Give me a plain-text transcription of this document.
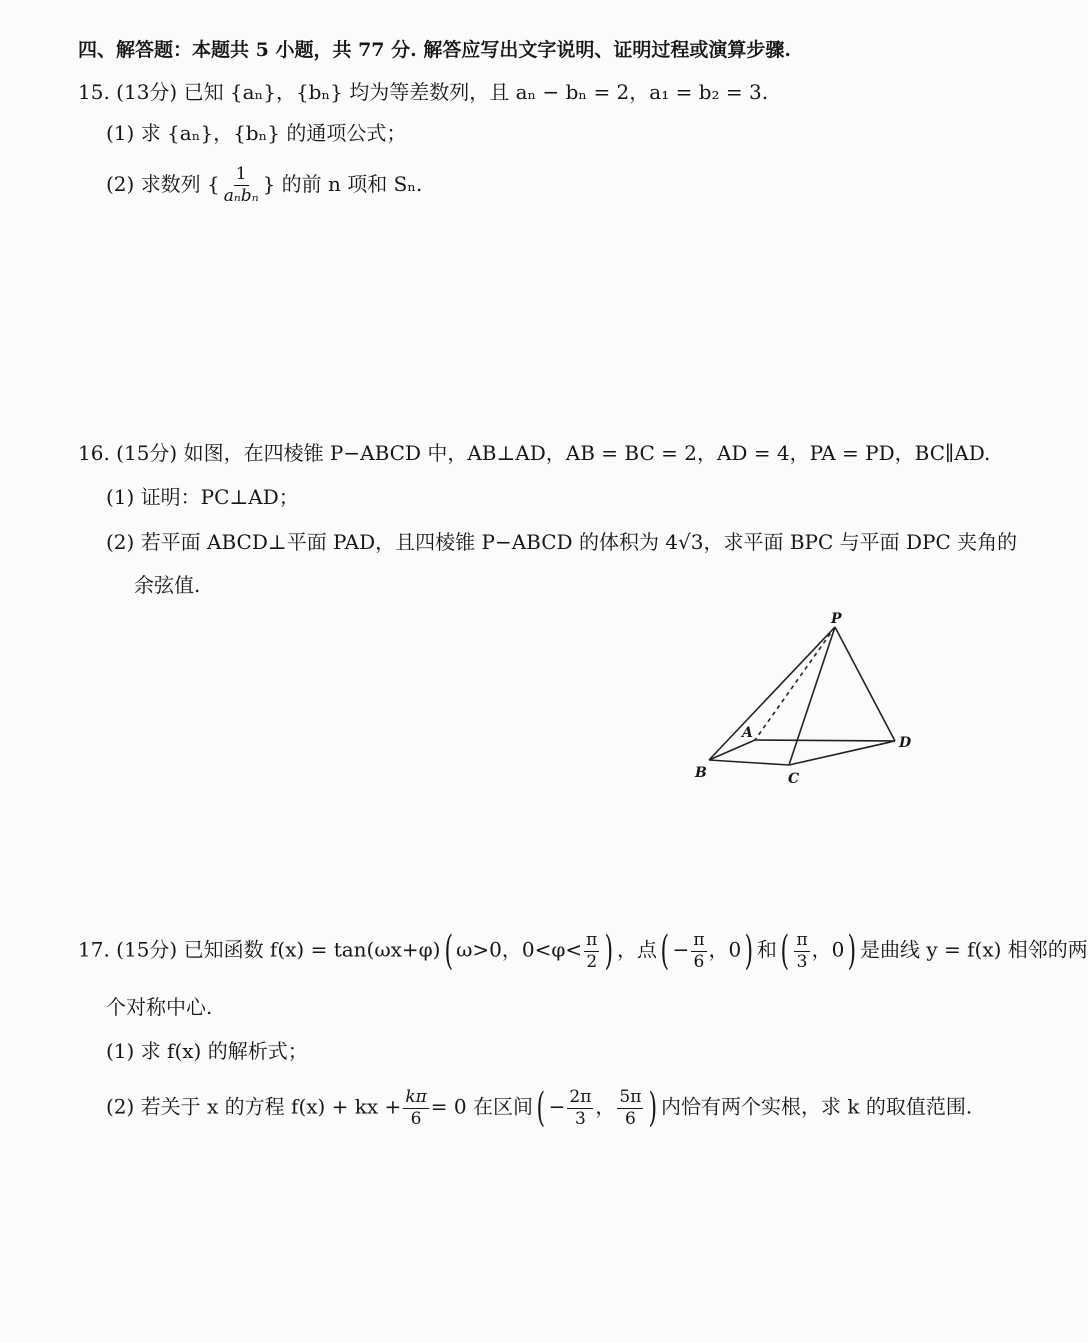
四、解答题：本题共 5 小题，共 77 分. 解答应写出文字说明、证明过程或演算步骤.
15. (13分) 已知 {aₙ}，{bₙ} 均为等差数列，且 aₙ − bₙ = 2，a₁ = b₂ = 3.
(1) 求 {aₙ}，{bₙ} 的通项公式；
(2) 求数列 { $\frac{1}{\text{aₙbₙ}}$ } 的前 n 项和 Sₙ.
16. (15分) 如图，在四棱锥 P−ABCD 中，AB⊥AD，AB = BC = 2，AD = 4，PA = PD，BC∥AD.
(1) 证明：PC⊥AD；
(2) 若平面 ABCD⊥平面 PAD，且四棱锥 P−ABCD 的体积为 4√3，求平面 BPC 与平面 DPC 夹角的
余弦值.
P
A
B	C
D
17. (15分) 已知函数 f(x) = tan(ωx+φ)( ω>0，$0<\varphi< \frac{\pi}{2}$ ) ，点( − $\frac{\pi}{6}$ ，0) 和( $\frac{\pi}{3}$ ，0) 是曲线 y = f(x) 相邻的两
个对称中心.
(1) 求 f(x) 的解析式；
(2) 若关于 x 的方程 f(x) + kx + $\frac{k\pi}{6} = 0$ 在区间( − $\frac{2\pi}{3}$ ， $\frac{5\pi}{6}$ ) 内恰有两个实根，求 k 的取值范围.
